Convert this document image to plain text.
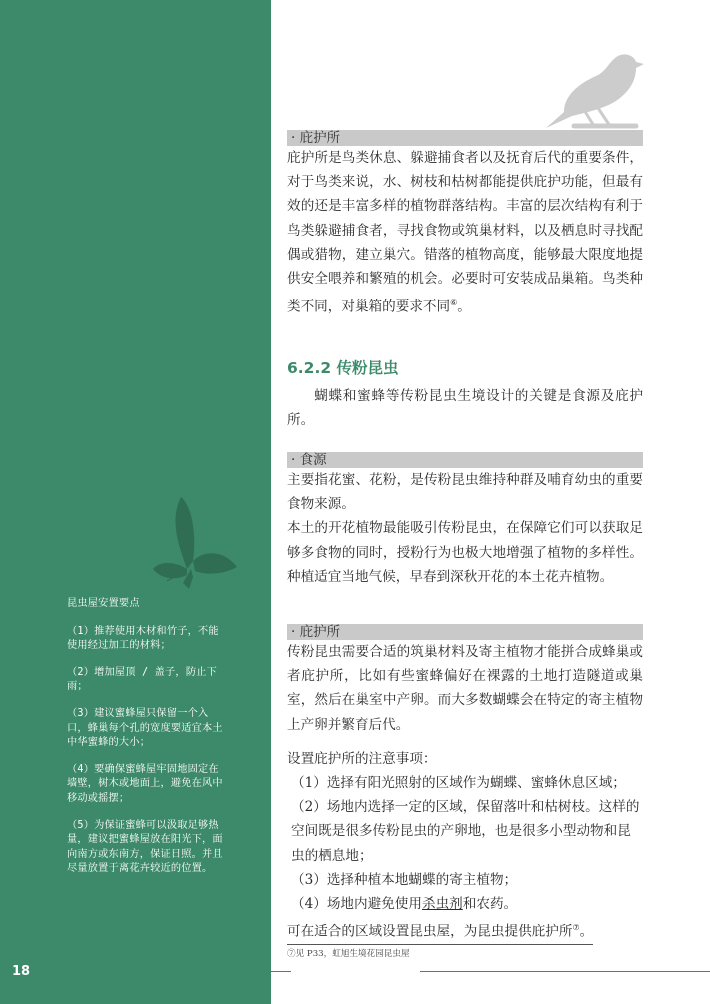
昆虫屋安置要点

（1）推荐使用木材和竹子，不能使用经过加工的材料；

（2）增加屋顶 / 盖子，防止下雨；

（3）建议蜜蜂屋只保留一个入口，蜂巢每个孔的宽度要适宜本土中华蜜蜂的大小；

（4）要确保蜜蜂屋牢固地固定在墙壁，树木或地面上，避免在风中移动或摇摆；

（5）为保证蜜蜂可以汲取足够热量，建议把蜜蜂屋放在阳光下，面向南方或东南方，保证日照。并且尽量放置于离花卉较近的位置。

18
· 庇护所

庇护所是鸟类休息、躲避捕食者以及抚育后代的重要条件，对于鸟类来说，水、树枝和枯树都能提供庇护功能，但最有效的还是丰富多样的植物群落结构。丰富的层次结构有利于鸟类躲避捕食者，寻找食物或筑巢材料，以及栖息时寻找配偶或猎物，建立巢穴。错落的植物高度，能够最大限度地提供安全喂养和繁殖的机会。必要时可安装成品巢箱。鸟类种类不同，对巢箱的要求不同⑥。

6.2.2 传粉昆虫

蝴蝶和蜜蜂等传粉昆虫生境设计的关键是食源及庇护所。

· 食源

主要指花蜜、花粉，是传粉昆虫维持种群及哺育幼虫的重要食物来源。

本土的开花植物最能吸引传粉昆虫，在保障它们可以获取足够多食物的同时，授粉行为也极大地增强了植物的多样性。种植适宜当地气候，早春到深秋开花的本土花卉植物。

· 庇护所

传粉昆虫需要合适的筑巢材料及寄主植物才能拼合成蜂巢或者庇护所，比如有些蜜蜂偏好在裸露的土地打造隧道或巢室，然后在巢室中产卵。而大多数蝴蝶会在特定的寄主植物上产卵并繁育后代。

设置庇护所的注意事项：

（1）选择有阳光照射的区域作为蝴蝶、蜜蜂休息区域；

（2）场地内选择一定的区域，保留落叶和枯树枝。这样的空间既是很多传粉昆虫的产卵地，也是很多小型动物和昆虫的栖息地；

（3）选择种植本地蝴蝶的寄主植物；

（4）场地内避免使用杀虫剂和农药。

可在适合的区域设置昆虫屋，为昆虫提供庇护所⑦。

⑦见 P33，虹旭生境花园昆虫屋
